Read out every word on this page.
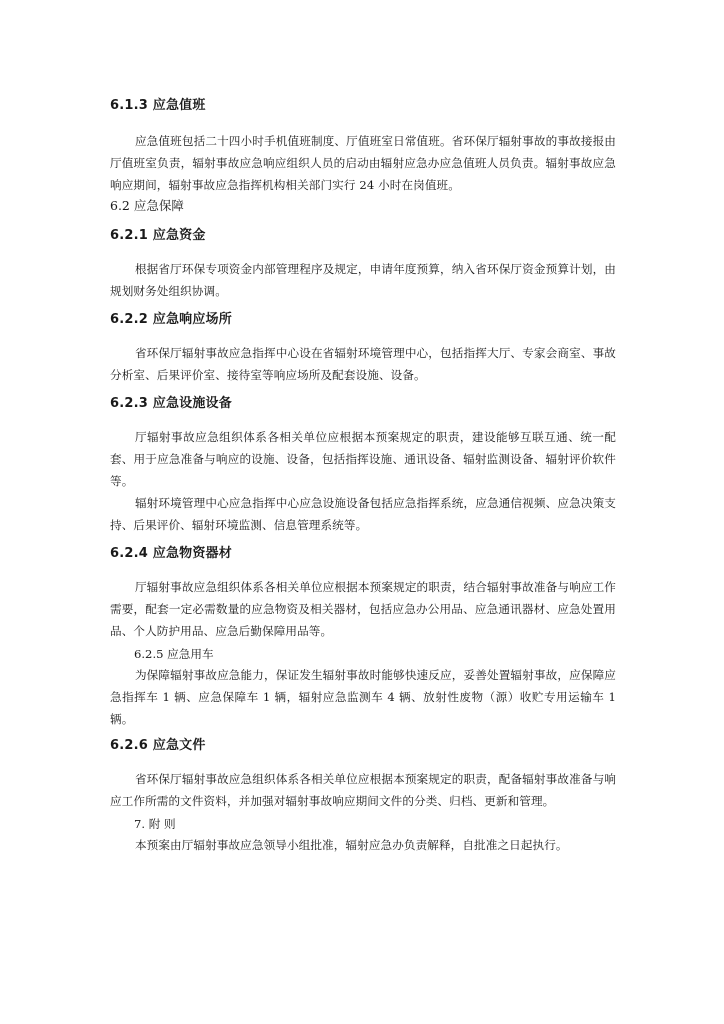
6.1.3 应急值班

应急值班包括二十四小时手机值班制度、厅值班室日常值班。省环保厅辐射事故的事故接报由厅值班室负责，辐射事故应急响应组织人员的启动由辐射应急办应急值班人员负责。辐射事故应急响应期间，辐射事故应急指挥机构相关部门实行 24 小时在岗值班。

6.2 应急保障
6.2.1 应急资金

根据省厅环保专项资金内部管理程序及规定，申请年度预算，纳入省环保厅资金预算计划，由规划财务处组织协调。

6.2.2 应急响应场所

省环保厅辐射事故应急指挥中心设在省辐射环境管理中心，包括指挥大厅、专家会商室、事故分析室、后果评价室、接待室等响应场所及配套设施、设备。

6.2.3 应急设施设备

厅辐射事故应急组织体系各相关单位应根据本预案规定的职责，建设能够互联互通、统一配套、用于应急准备与响应的设施、设备，包括指挥设施、通讯设备、辐射监测设备、辐射评价软件等。

辐射环境管理中心应急指挥中心应急设施设备包括应急指挥系统，应急通信视频、应急决策支持、后果评价、辐射环境监测、信息管理系统等。

6.2.4 应急物资器材

厅辐射事故应急组织体系各相关单位应根据本预案规定的职责，结合辐射事故准备与响应工作需要，配套一定必需数量的应急物资及相关器材，包括应急办公用品、应急通讯器材、应急处置用品、个人防护用品、应急后勤保障用品等。

6.2.5 应急用车

为保障辐射事故应急能力，保证发生辐射事故时能够快速反应，妥善处置辐射事故，应保障应急指挥车 1 辆、应急保障车 1 辆，辐射应急监测车 4 辆、放射性废物（源）收贮专用运输车 1 辆。

6.2.6 应急文件

省环保厅辐射事故应急组织体系各相关单位应根据本预案规定的职责，配备辐射事故准备与响应工作所需的文件资料，并加强对辐射事故响应期间文件的分类、归档、更新和管理。

7. 附 则

本预案由厅辐射事故应急领导小组批准，辐射应急办负责解释，自批准之日起执行。
